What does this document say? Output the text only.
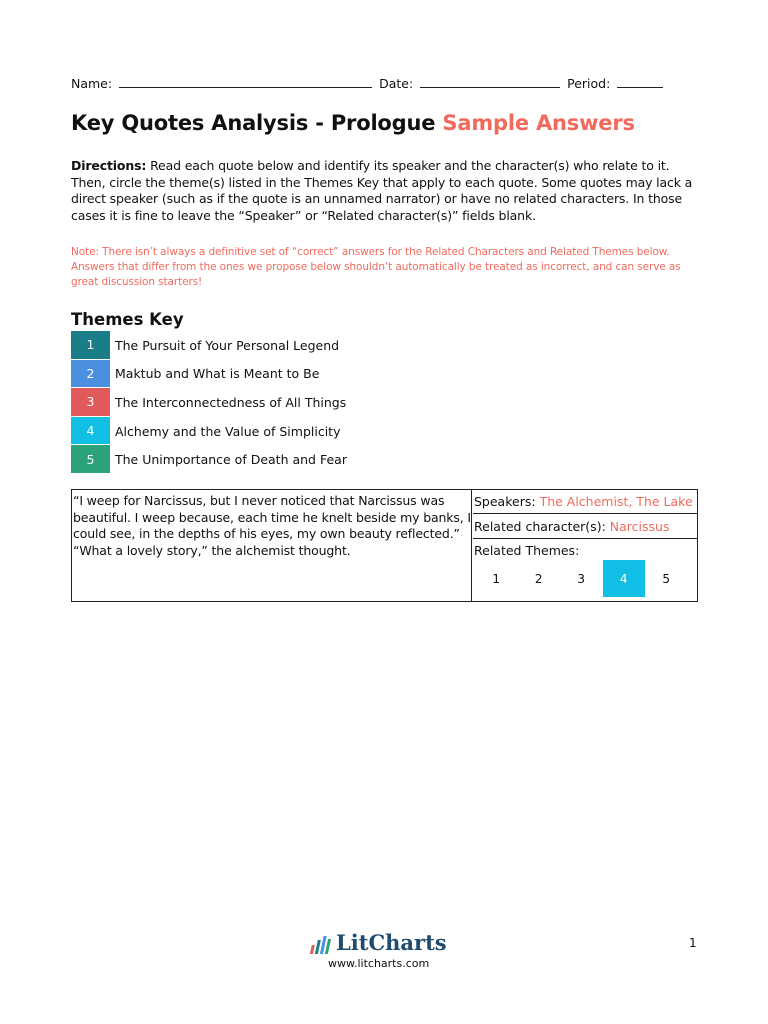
Name:	Date:	Period:
Key Quotes Analysis - Prologue Sample Answers
Directions: Read each quote below and identify its speaker and the character(s) who relate to it. Then, circle the theme(s) listed in the Themes Key that apply to each quote. Some quotes may lack a direct speaker (such as if the quote is an unnamed narrator) or have no related characters. In those cases it is fine to leave the “Speaker” or “Related character(s)” fields blank.
Note: There isn’t always a definitive set of “correct” answers for the Related Characters and Related Themes below. Answers that differ from the ones we propose below shouldn’t automatically be treated as incorrect, and can serve as great discussion starters!
Themes Key
1	The Pursuit of Your Personal Legend
2	Maktub and What is Meant to Be
3	The Interconnectedness of All Things
4	Alchemy and the Value of Simplicity
5	The Unimportance of Death and Fear
“I weep for Narcissus, but I never noticed that Narcissus was beautiful. I weep because, each time he knelt beside my banks, I could see, in the depths of his eyes, my own beauty reflected.” “What a lovely story,” the alchemist thought.
Speakers: The Alchemist, The Lake
Related character(s): Narcissus
Related Themes:
1	2	3	4	5
LitCharts
www.litcharts.com
1
